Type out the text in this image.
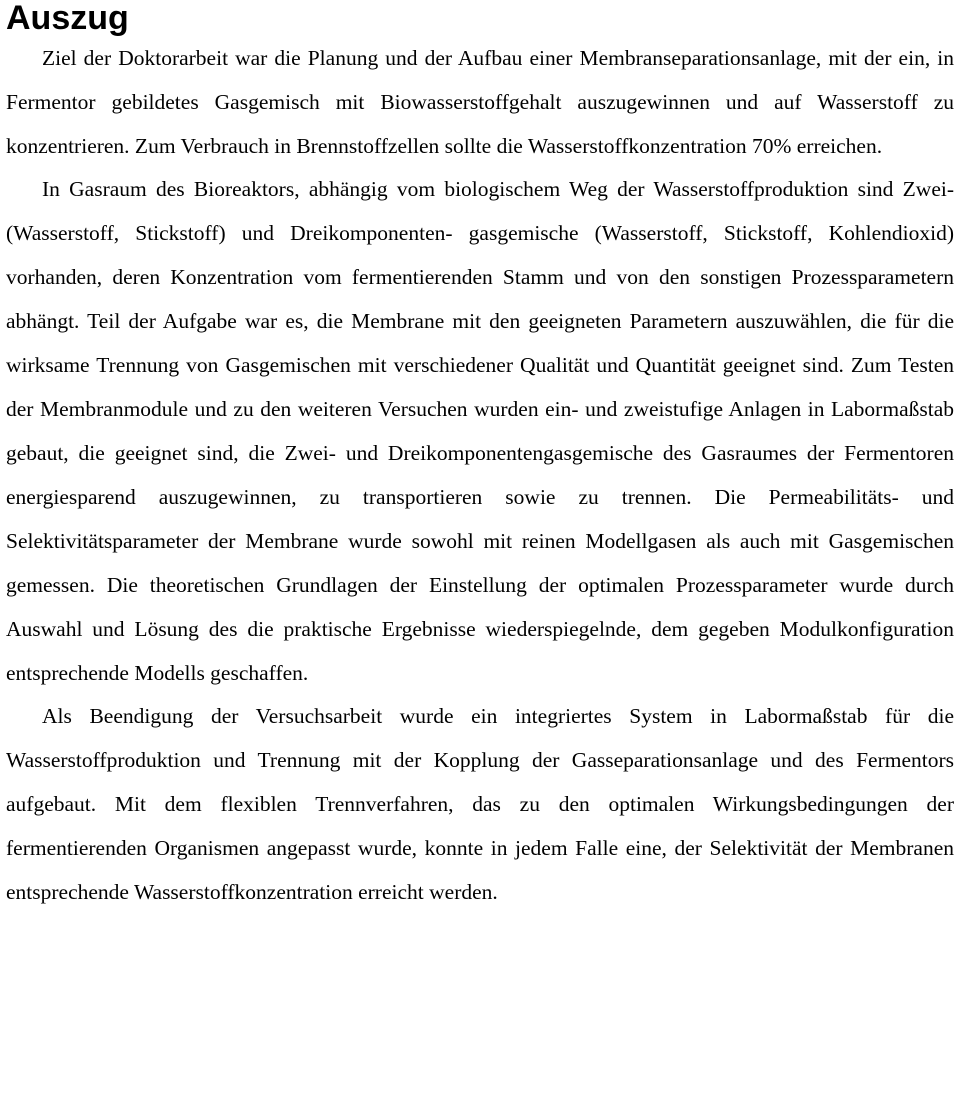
Auszug

Ziel der Doktorarbeit war die Planung und der Aufbau einer Membranseparationsanlage, mit der ein, in Fermentor gebildetes Gasgemisch mit Biowasserstoffgehalt auszugewinnen und auf Wasserstoff zu konzentrieren. Zum Verbrauch in Brennstoffzellen sollte die Wasserstoffkonzentration 70% erreichen.

In Gasraum des Bioreaktors, abhängig vom biologischem Weg der Wasserstoffproduktion sind Zwei- (Wasserstoff, Stickstoff) und Dreikomponenten- gasgemische (Wasserstoff, Stickstoff, Kohlendioxid) vorhanden, deren Konzentration vom fermentierenden Stamm und von den sonstigen Prozessparametern abhängt. Teil der Aufgabe war es, die Membrane mit den geeigneten Parametern auszuwählen, die für die wirksame Trennung von Gasgemischen mit verschiedener Qualität und Quantität geeignet sind. Zum Testen der Membranmodule und zu den weiteren Versuchen wurden ein- und zweistufige Anlagen in Labormaßstab gebaut, die geeignet sind, die Zwei- und Dreikomponentengasgemische des Gasraumes der Fermentoren energiesparend auszugewinnen, zu transportieren sowie zu trennen. Die Permeabilitäts- und Selektivitätsparameter der Membrane wurde sowohl mit reinen Modellgasen als auch mit Gasgemischen gemessen. Die theoretischen Grundlagen der Einstellung der optimalen Prozessparameter wurde durch Auswahl und Lösung des die praktische Ergebnisse wiederspiegelnde, dem gegeben Modulkonfiguration entsprechende Modells geschaffen.

Als Beendigung der Versuchsarbeit wurde ein integriertes System in Labormaßstab für die Wasserstoffproduktion und Trennung mit der Kopplung der Gasseparationsanlage und des Fermentors aufgebaut. Mit dem flexiblen Trennverfahren, das zu den optimalen Wirkungsbedingungen der fermentierenden Organismen angepasst wurde, konnte in jedem Falle eine, der Selektivität der Membranen entsprechende Wasserstoffkonzentration erreicht werden.
